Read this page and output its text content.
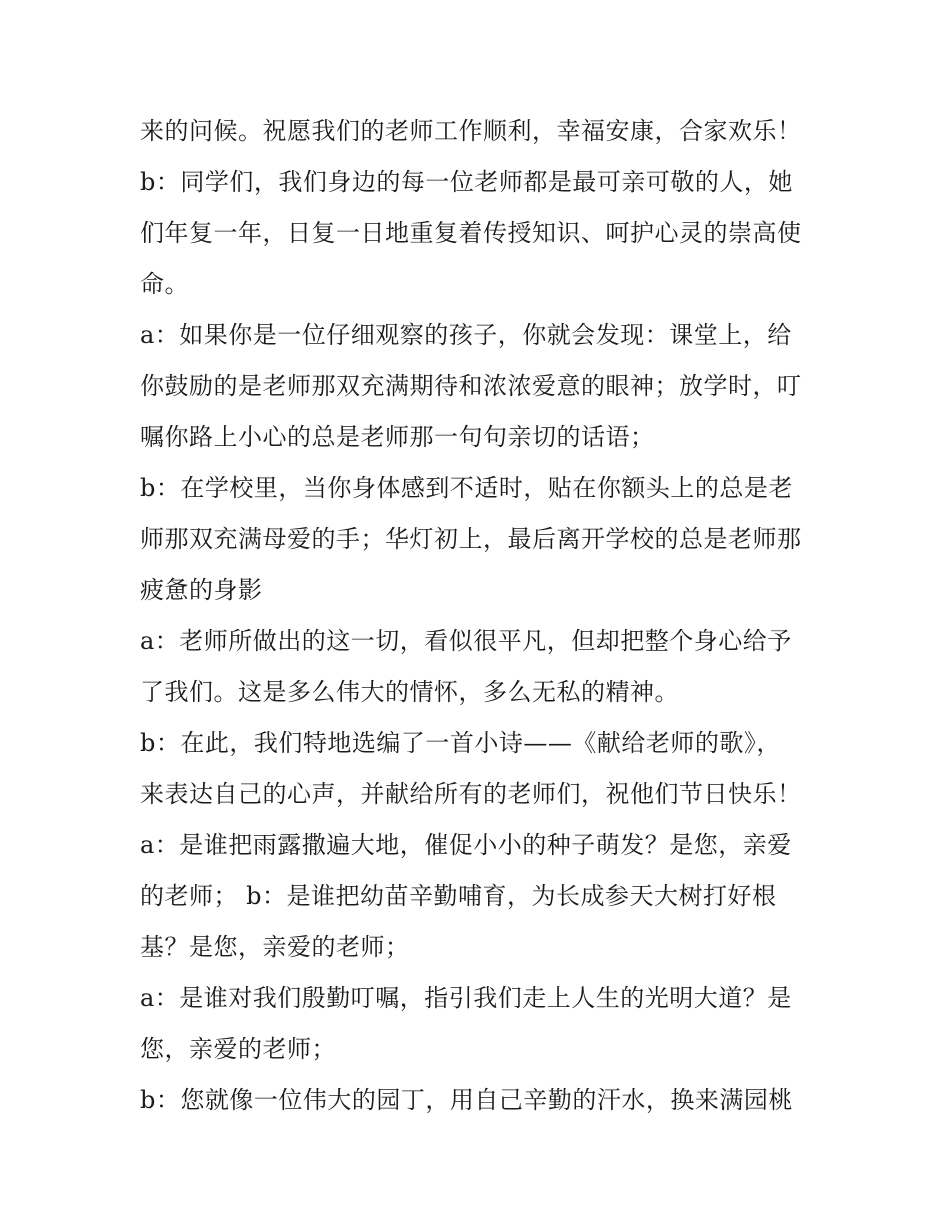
来的问候。祝愿我们的老师工作顺利，幸福安康，合家欢乐！
b：同学们，我们身边的每一位老师都是最可亲可敬的人，她
们年复一年，日复一日地重复着传授知识、呵护心灵的崇高使
命。
a：如果你是一位仔细观察的孩子，你就会发现：课堂上，给
你鼓励的是老师那双充满期待和浓浓爱意的眼神；放学时，叮
嘱你路上小心的总是老师那一句句亲切的话语；
b：在学校里，当你身体感到不适时，贴在你额头上的总是老
师那双充满母爱的手；华灯初上，最后离开学校的总是老师那
疲惫的身影
a：老师所做出的这一切，看似很平凡，但却把整个身心给予
了我们。这是多么伟大的情怀，多么无私的精神。
b：在此，我们特地选编了一首小诗——《献给老师的歌》，
来表达自己的心声，并献给所有的老师们，祝他们节日快乐！
a：是谁把雨露撒遍大地，催促小小的种子萌发？是您，亲爱
的老师； b：是谁把幼苗辛勤哺育，为长成参天大树打好根
基？是您，亲爱的老师；
a：是谁对我们殷勤叮嘱，指引我们走上人生的光明大道？是
您，亲爱的老师；
b：您就像一位伟大的园丁，用自己辛勤的汗水，换来满园桃
